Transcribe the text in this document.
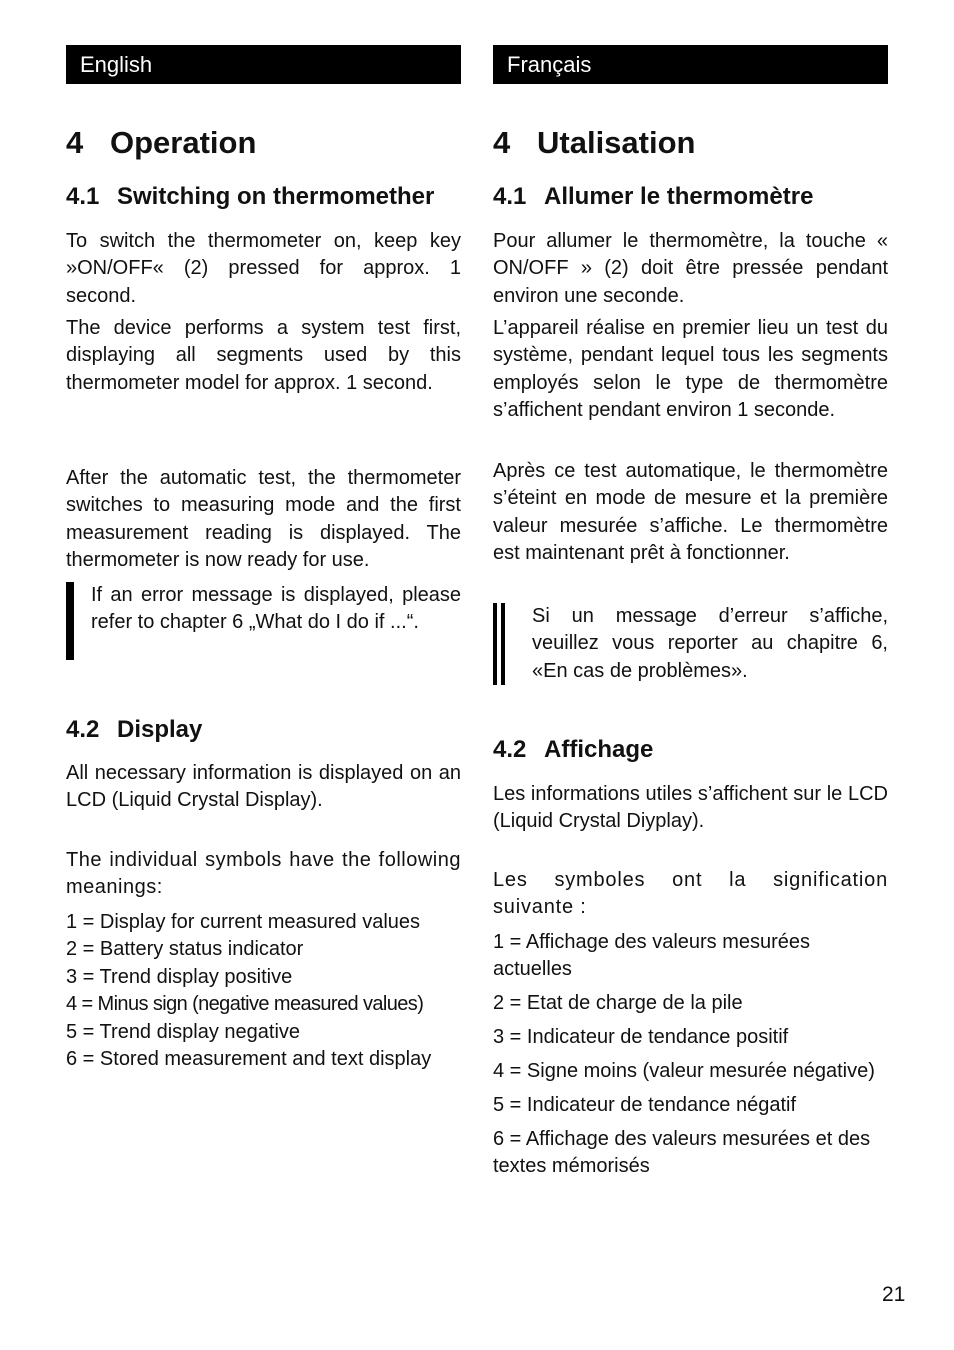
English
4 Operation
4.1 Switching on thermomether

To switch the thermometer on, keep key »ON/OFF« (2) pressed for approx. 1 second.

The device performs a system test first, displaying all segments used by this thermometer model for approx. 1 second.

After the automatic test, the thermometer switches to measuring mode and the first measurement reading is displayed. The thermometer is now ready for use.

If an error message is displayed, please refer to chapter 6 „What do I do if ...“.

4.2 Display

All necessary information is displayed on an LCD (Liquid Crystal Display).

The individual symbols have the following meanings:

1 = Display for current measured values
2 = Battery status indicator
3 = Trend display positive
4 = Minus sign (negative measured values)
5 = Trend display negative
6 = Stored measurement and text display
Français
4 Utalisation
4.1 Allumer le thermomètre

Pour allumer le thermomètre, la touche « ON/OFF » (2) doit être pressée pendant environ une seconde.

L’appareil réalise en premier lieu un test du système, pendant lequel tous les segments employés selon le type de thermomètre s’affichent pendant environ 1 seconde.

Après ce test automatique, le thermomètre s’éteint en mode de mesure et la première valeur mesurée s’affiche. Le thermomètre est maintenant prêt à fonctionner.

Si un message d’erreur s’affiche, veuillez vous reporter au chapitre 6, «En cas de problèmes».

4.2 Affichage

Les informations utiles s’affichent sur le LCD (Liquid Crystal Diyplay).

Les symboles ont la signification suivante :

1 = Affichage des valeurs mesurées actuelles
2 = Etat de charge de la pile
3 = Indicateur de tendance positif
4 = Signe moins (valeur mesurée négative)
5 = Indicateur de tendance négatif
6 = Affichage des valeurs mesurées et des textes mémorisés
21
